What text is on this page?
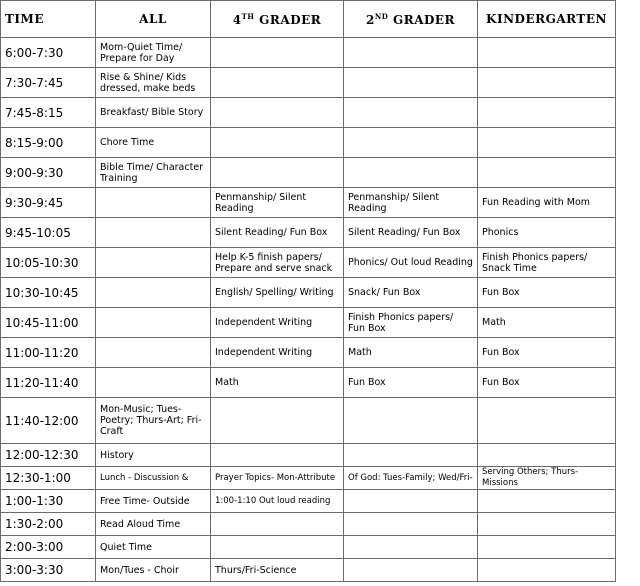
TIME	ALL	4TH GRADER	2ND GRADER	KINDERGARTEN
6:00-7:30	Mom-Quiet Time/ Prepare for Day			
7:30-7:45	Rise & Shine/ Kids dressed, make beds			
7:45-8:15	Breakfast/ Bible Story			
8:15-9:00	Chore Time			
9:00-9:30	Bible Time/ Character Training			
9:30-9:45		Penmanship/ Silent Reading	Penmanship/ Silent Reading	Fun Reading with Mom
9:45-10:05		Silent Reading/ Fun Box	Silent Reading/ Fun Box	Phonics
10:05-10:30		Help K-5 finish papers/ Prepare and serve snack	Phonics/ Out loud Reading	Finish Phonics papers/ Snack Time
10:30-10:45		English/ Spelling/ Writing	Snack/ Fun Box	Fun Box
10:45-11:00		Independent Writing	Finish Phonics papers/ Fun Box	Math
11:00-11:20		Independent Writing	Math	Fun Box
11:20-11:40		Math	Fun Box	Fun Box
11:40-12:00	Mon-Music; Tues-Poetry; Thurs-Art; Fri- Craft			
12:00-12:30	History			
12:30-1:00	Lunch - Discussion &	Prayer Topics- Mon-Attribute	Of God: Tues-Family; Wed/Fri-	Serving Others; Thurs-Missions
1:00-1:30	Free Time- Outside	1:00-1:10 Out loud reading		
1:30-2:00	Read Aloud Time			
2:00-3:00	Quiet Time			
3:00-3:30	Mon/Tues - Choir	Thurs/Fri-Science		
